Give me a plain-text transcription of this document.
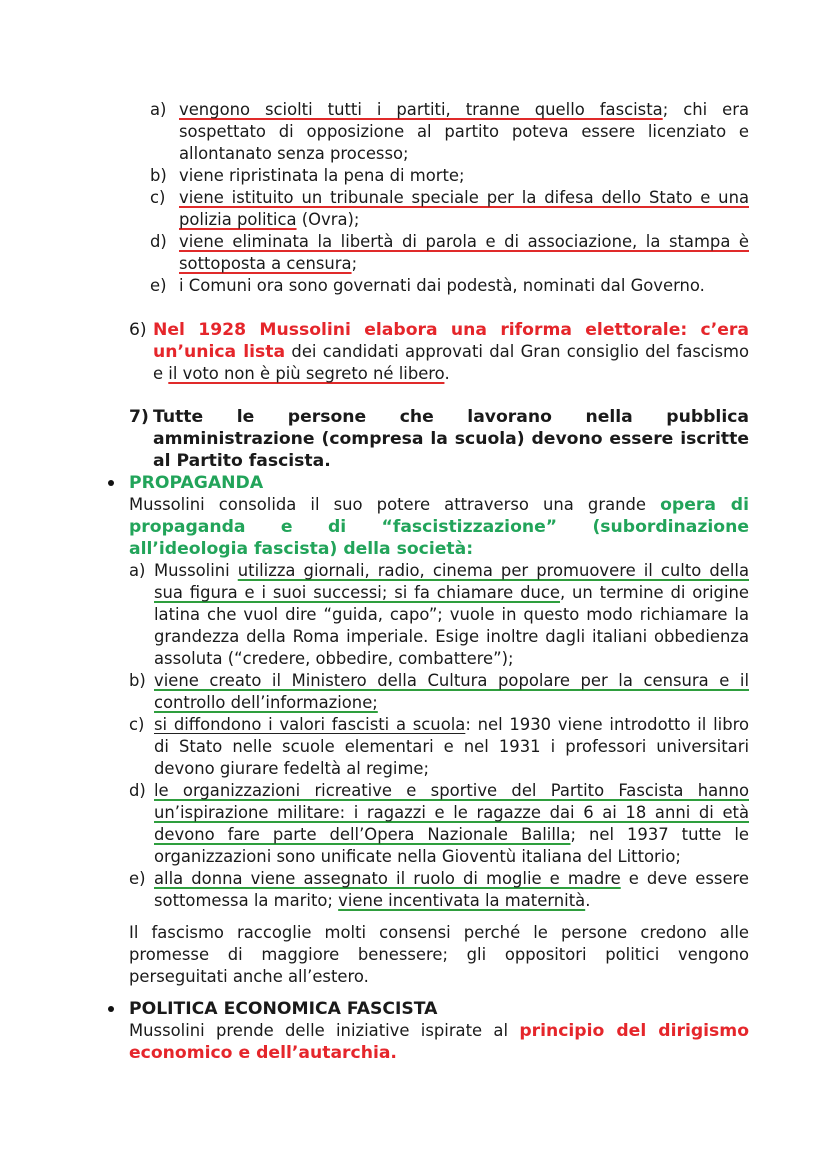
a) vengono sciolti tutti i partiti, tranne quello fascista; chi era sospettato di opposizione al partito poteva essere licenziato e allontanato senza processo;
b) viene ripristinata la pena di morte;
c) viene istituito un tribunale speciale per la difesa dello Stato e una polizia politica (Ovra);
d) viene eliminata la libertà di parola e di associazione, la stampa è sottoposta a censura;
e) i Comuni ora sono governati dai podestà, nominati dal Governo.
6) Nel 1928 Mussolini elabora una riforma elettorale: c’era un’unica lista dei candidati approvati dal Gran consiglio del fascismo e il voto non è più segreto né libero.
7) Tutte le persone che lavorano nella pubblica amministrazione (compresa la scuola) devono essere iscritte al Partito fascista.
PROPAGANDA
Mussolini consolida il suo potere attraverso una grande opera di propaganda e di “fascistizzazione” (subordinazione all’ideologia fascista) della società:
a) Mussolini utilizza giornali, radio, cinema per promuovere il culto della sua figura e i suoi successi; si fa chiamare duce, un termine di origine latina che vuol dire “guida, capo”; vuole in questo modo richiamare la grandezza della Roma imperiale. Esige inoltre dagli italiani obbedienza assoluta (“credere, obbedire, combattere”);
b) viene creato il Ministero della Cultura popolare per la censura e il controllo dell’informazione;
c) si diffondono i valori fascisti a scuola: nel 1930 viene introdotto il libro di Stato nelle scuole elementari e nel 1931 i professori universitari devono giurare fedeltà al regime;
d) le organizzazioni ricreative e sportive del Partito Fascista hanno un’ispirazione militare: i ragazzi e le ragazze dai 6 ai 18 anni di età devono fare parte dell’Opera Nazionale Balilla; nel 1937 tutte le organizzazioni sono unificate nella Gioventù italiana del Littorio;
e) alla donna viene assegnato il ruolo di moglie e madre e deve essere sottomessa la marito; viene incentivata la maternità.
Il fascismo raccoglie molti consensi perché le persone credono alle promesse di maggiore benessere; gli oppositori politici vengono perseguitati anche all’estero.
POLITICA ECONOMICA FASCISTA
Mussolini prende delle iniziative ispirate al principio del dirigismo economico e dell’autarchia.
